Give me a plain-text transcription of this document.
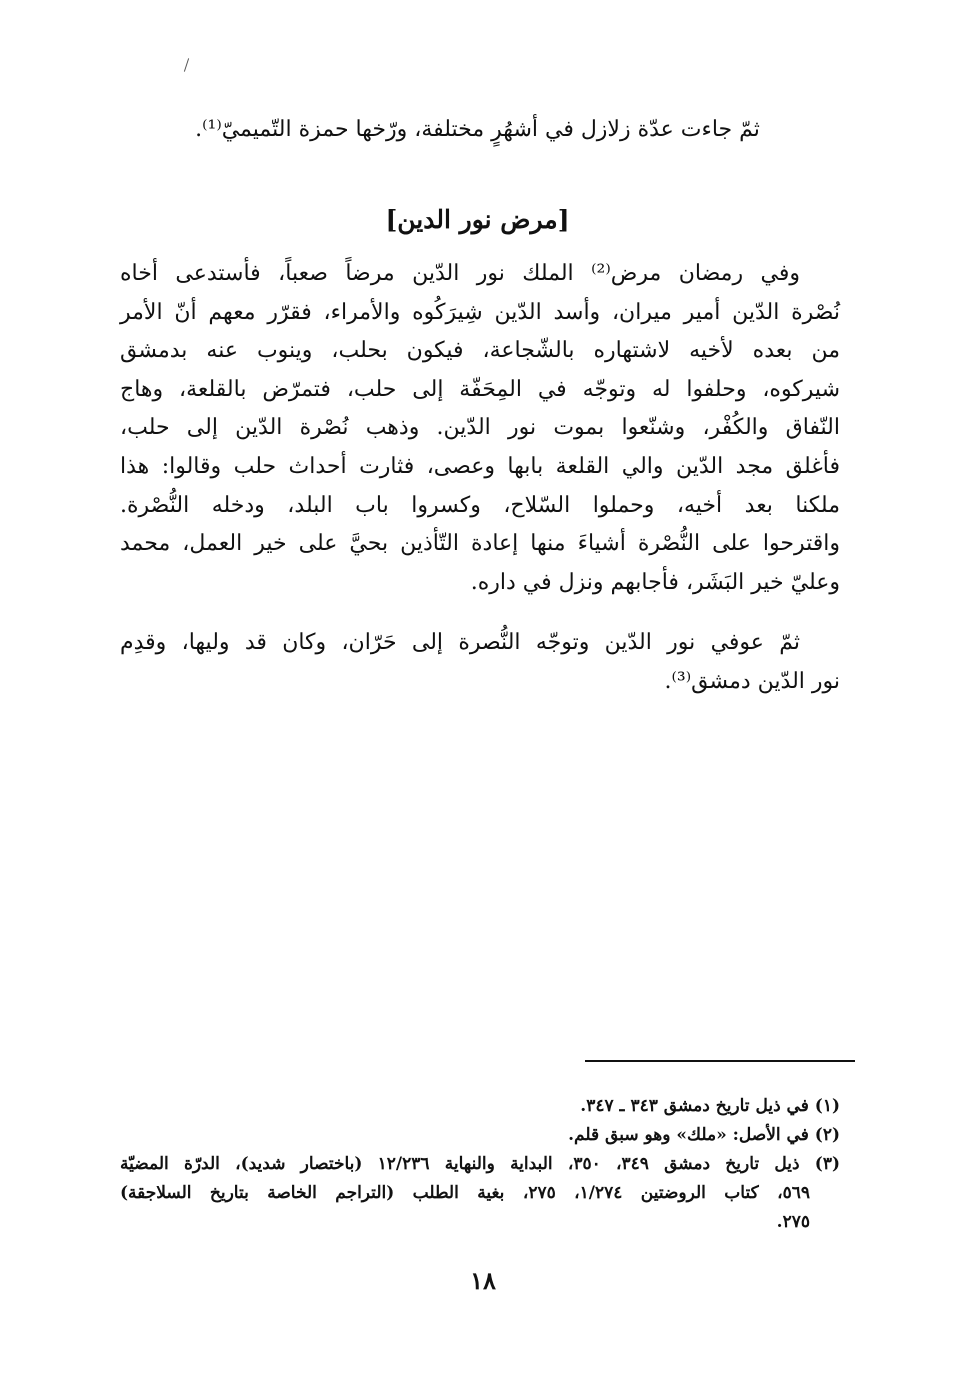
ثمّ جاءت عدّة زلازل في أشهُرٍ مختلفة، ورّخها حمزة التّميميّ⁽¹⁾.
[مرض نور الدين]
وفي رمضان مرض⁽²⁾ الملك نور الدّين مرضاً صعباً، فأستدعى أخاه
نُصْرة الدّين أمير ميران، وأسد الدّين شِيرَكُوه والأمراء، فقرّر معهم أنّ الأمر
من بعده لأخيه لاشتهاره بالشّجاعة، فيكون بحلب، وينوب عنه بدمشق
شيركوه، وحلفوا له وتوجّه في المِحَفّة إلى حلب، فتمرّض بالقلعة، وهاج
النّفاق والكُفْر، وشنّعوا بموت نور الدّين. وذهب نُصْرة الدّين إلى حلب،
فأغلق مجد الدّين والي القلعة بابها وعصى، فثارت أحداث حلب وقالوا: هذا
ملكنا بعد أخيه، وحملوا السّلاح، وكسروا باب البلد، ودخله النُّصْرة.
واقترحوا على النُّصْرة أشياءَ منها إعادة التّأذين بحيَّ على خير العمل، محمد
وعليّ خير البَشَر، فأجابهم ونزل في داره.
ثمّ عوفي نور الدّين وتوجّه النُّصرة إلى حَرّان، وكان قد وليها، وقدِم
نور الدّين دمشق⁽³⁾.
(١) في ذيل تاريخ دمشق ٣٤٣ ـ ٣٤٧.
(٢) في الأصل: «ملك» وهو سبق قلم.
(٣) ذيل تاريخ دمشق ٣٤٩، ٣٥٠، البداية والنهاية ١٢/٢٣٦ (باختصار شديد)، الدرّة المضيّة
٥٦٩، كتاب الروضتين ١/٢٧٤، ٢٧٥، بغية الطلب (التراجم الخاصة بتاريخ السلاجقة)
٢٧٥.
١٨
